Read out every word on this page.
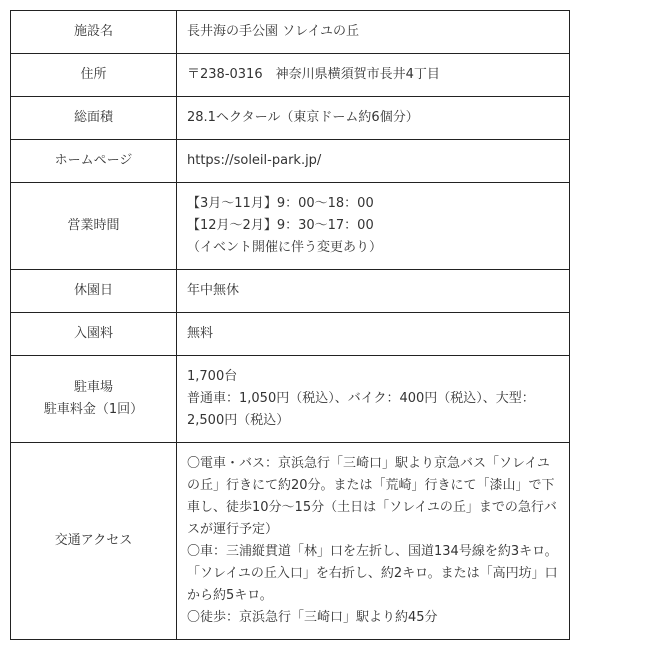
施設名	長井海の手公園 ソレイユの丘

住所	〒238-0316　神奈川県横須賀市長井4丁目

総面積	28.1ヘクタール（東京ドーム約6個分）

ホームページ	https://soleil-park.jp/

営業時間	【3月〜11月】9：00〜18：00
【12月〜2月】9：30〜17：00
（イベント開催に伴う変更あり）

休園日	年中無休

入園料	無料

駐車場
駐車料金（1回）	1,700台
普通車：1,050円（税込）、バイク：400円（税込）、大型：2,500円（税込）

交通アクセス	〇電車・バス：京浜急行「三崎口」駅より京急バス「ソレイユの丘」行きにて約20分。または「荒崎」行きにて「漆山」で下車し、徒歩10分〜15分（土日は「ソレイユの丘」までの急行バスが運行予定）
〇車：三浦縦貫道「林」口を左折し、国道134号線を約3キロ。「ソレイユの丘入口」を右折し、約2キロ。または「高円坊」口から約5キロ。
〇徒歩：京浜急行「三崎口」駅より約45分
